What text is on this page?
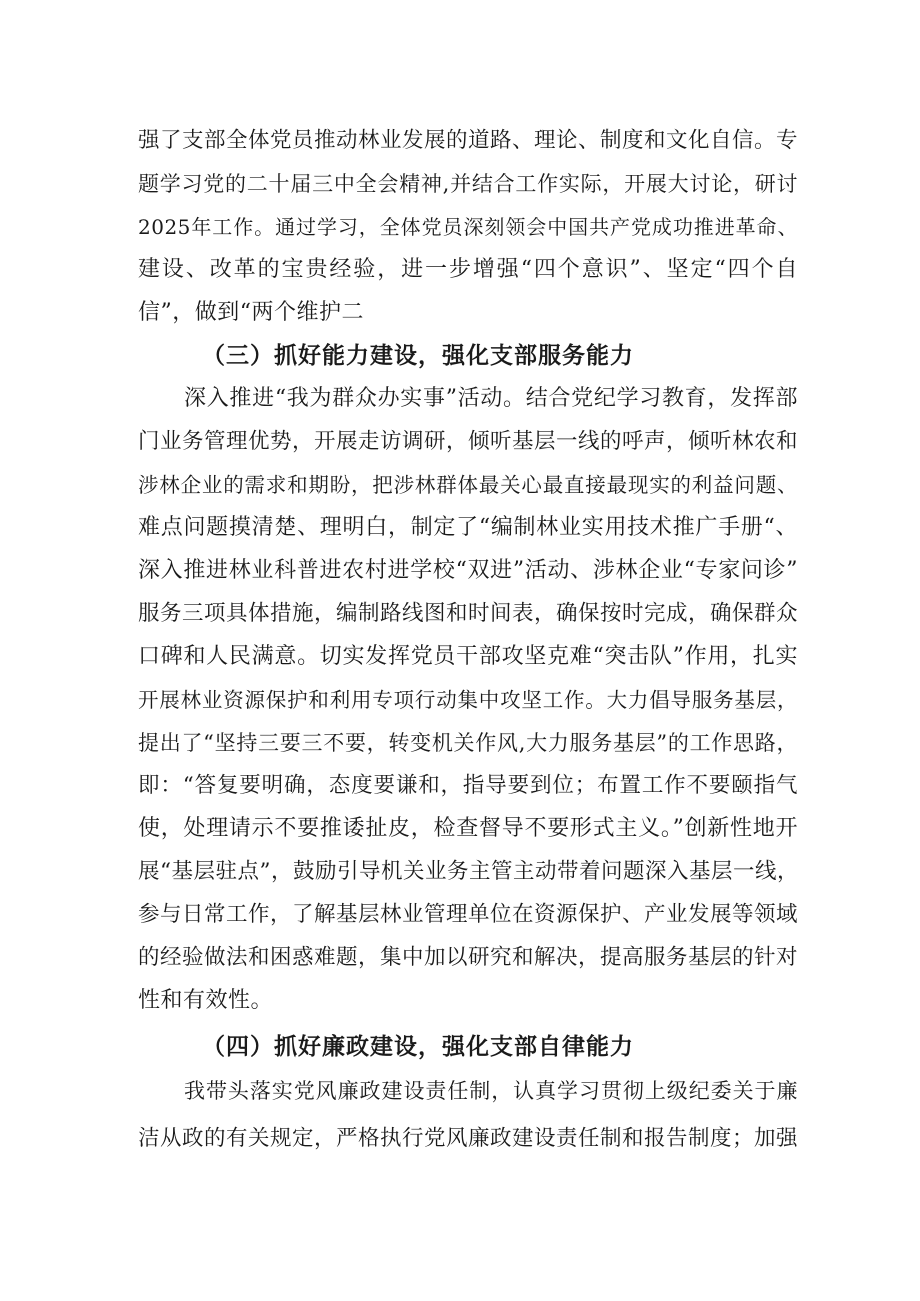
强了支部全体党员推动林业发展的道路、理论、制度和文化自信。专
题学习党的二十届三中全会精神,并结合工作实际，开展大讨论，研讨
2025年工作。通过学习，全体党员深刻领会中国共产党成功推进革命、
建设、改革的宝贵经验，进一步增强“四个意识”、坚定“四个自
信”，做到“两个维护二
（三）抓好能力建设，强化支部服务能力
深入推进“我为群众办实事”活动。结合党纪学习教育，发挥部
门业务管理优势，开展走访调研，倾听基层一线的呼声，倾听林农和
涉林企业的需求和期盼，把涉林群体最关心最直接最现实的利益问题、
难点问题摸清楚、理明白，制定了“编制林业实用技术推广手册“、
深入推进林业科普进农村进学校“双进”活动、涉林企业“专家问诊”
服务三项具体措施，编制路线图和时间表，确保按时完成，确保群众
口碑和人民满意。切实发挥党员干部攻坚克难“突击队”作用，扎实
开展林业资源保护和利用专项行动集中攻坚工作。大力倡导服务基层，
提出了“坚持三要三不要，转变机关作风,大力服务基层”的工作思路，
即：“答复要明确，态度要谦和，指导要到位；布置工作不要颐指气
使，处理请示不要推诿扯皮，检查督导不要形式主义。”创新性地开
展“基层驻点”，鼓励引导机关业务主管主动带着问题深入基层一线，
参与日常工作，了解基层林业管理单位在资源保护、产业发展等领域
的经验做法和困惑难题，集中加以研究和解决，提高服务基层的针对
性和有效性。
（四）抓好廉政建设，强化支部自律能力
我带头落实党风廉政建设责任制，认真学习贯彻上级纪委关于廉
洁从政的有关规定，严格执行党风廉政建设责任制和报告制度；加强
